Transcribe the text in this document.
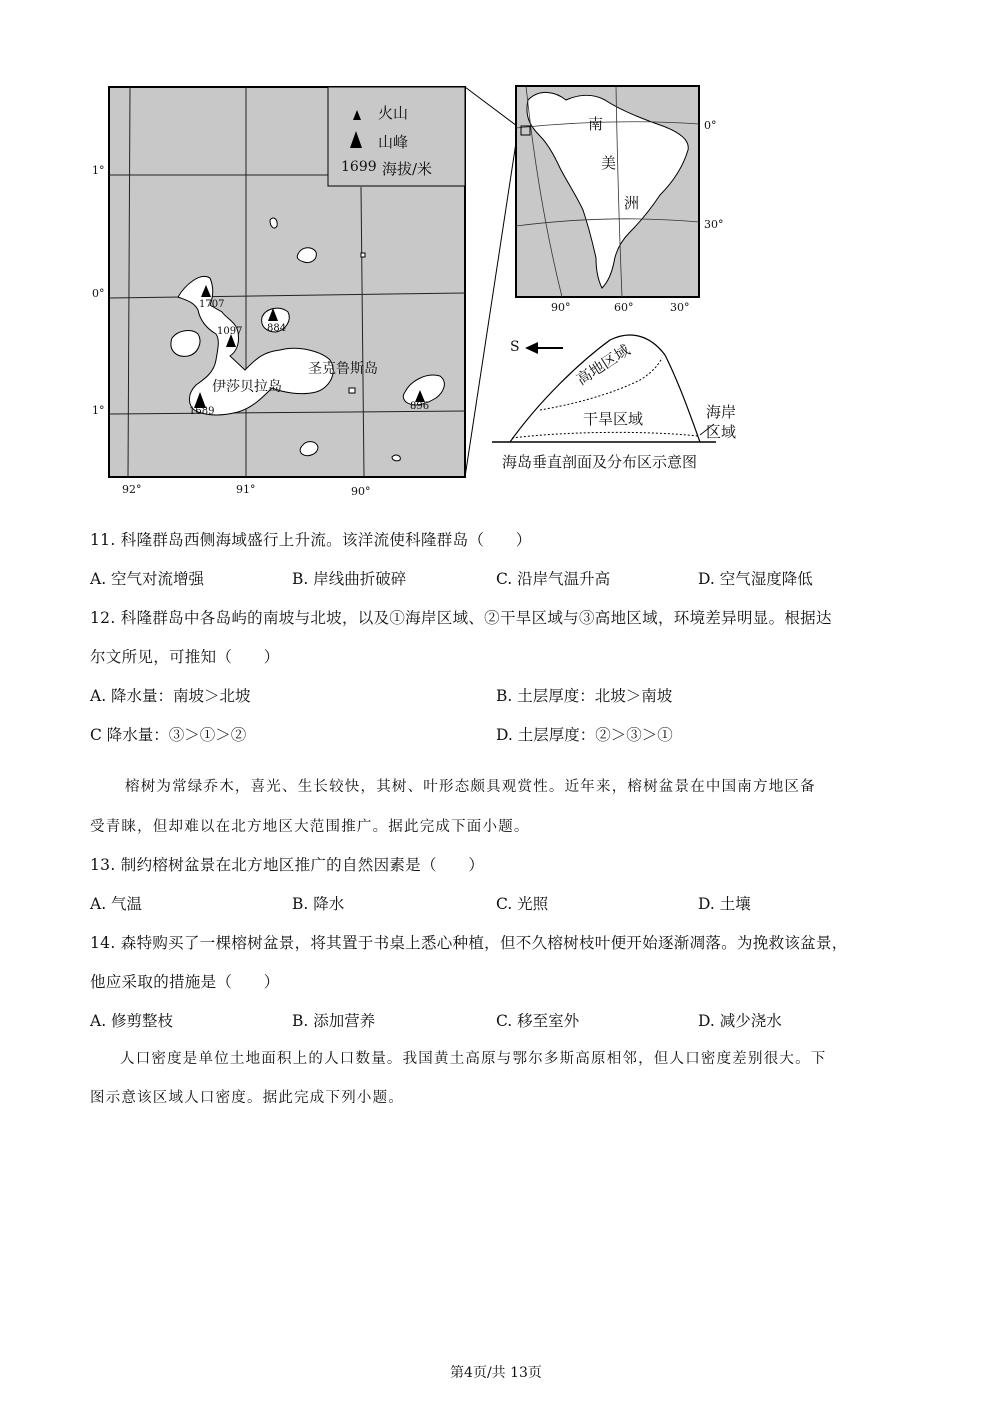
火山
山峰
1699 海拔/米
1°
0°
1°
92°	91°	90°
伊莎贝拉岛
圣克鲁斯岛
1707
1097 884
1689	896
南
美
洲
0°
30°
90°	60°	30°
S	高地区域
干旱区域	海岸
区域
海岛垂直剖面及分布区示意图
11. 科隆群岛西侧海域盛行上升流。该洋流使科隆群岛（　　）
A. 空气对流增强	B. 岸线曲折破碎	C. 沿岸气温升高	D. 空气湿度降低
12. 科隆群岛中各岛屿的南坡与北坡，以及①海岸区域、②干旱区域与③高地区域，环境差异明显。根据达
尔文所见，可推知（　　）
A. 降水量：南坡＞北坡	B. 土层厚度：北坡＞南坡
C 降水量：③＞①＞②	D. 土层厚度：②＞③＞①
榕树为常绿乔木，喜光、生长较快，其树、叶形态颇具观赏性。近年来，榕树盆景在中国南方地区备
受青睐，但却难以在北方地区大范围推广。据此完成下面小题。
13. 制约榕树盆景在北方地区推广的自然因素是（　　）
A. 气温	B. 降水	C. 光照	D. 土壤
14. 森特购买了一棵榕树盆景，将其置于书桌上悉心种植，但不久榕树枝叶便开始逐渐凋落。为挽救该盆景，
他应采取的措施是（　　）
A. 修剪整枝	B. 添加营养	C. 移至室外	D. 减少浇水
人口密度是单位土地面积上的人口数量。我国黄土高原与鄂尔多斯高原相邻，但人口密度差别很大。下
图示意该区域人口密度。据此完成下列小题。
第4页/共 13页
